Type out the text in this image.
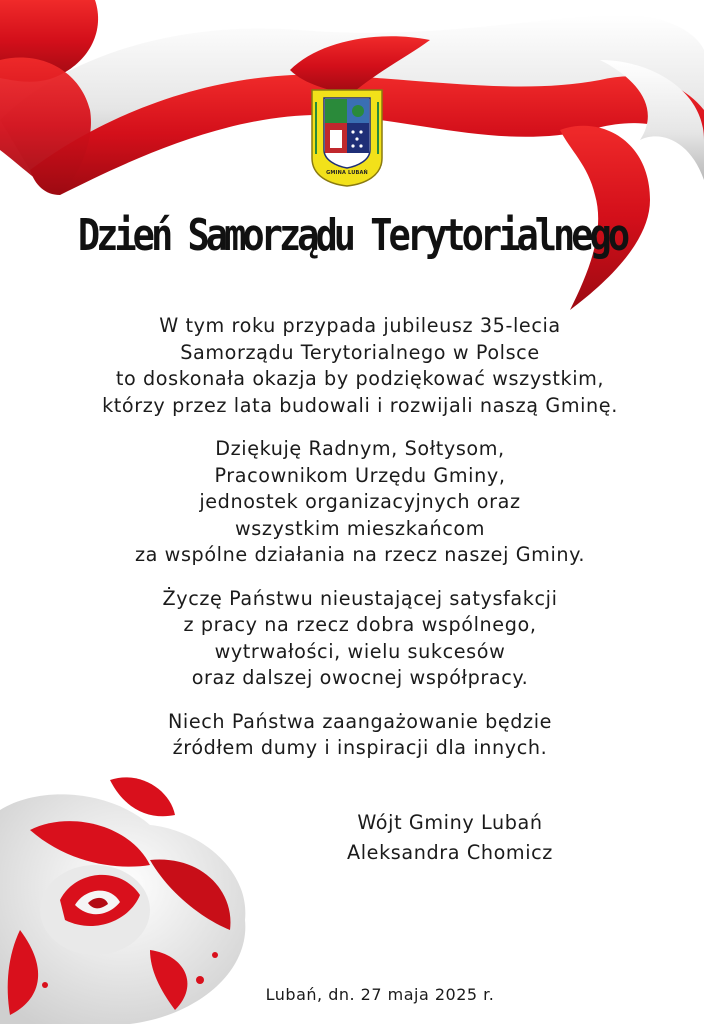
GMINA LUBAŃ
Dzień Samorządu Terytorialnego
W tym roku przypada jubileusz 35-lecia
Samorządu Terytorialnego w Polsce
to doskonała okazja by podziękować wszystkim,
którzy przez lata budowali i rozwijali naszą Gminę.
Dziękuję Radnym, Sołtysom,
Pracownikom Urzędu Gminy,
jednostek organizacyjnych oraz
wszystkim mieszkańcom
za wspólne działania na rzecz naszej Gminy.
Życzę Państwu nieustającej satysfakcji
z pracy na rzecz dobra wspólnego,
wytrwałości, wielu sukcesów
oraz dalszej owocnej współpracy.
Niech Państwa zaangażowanie będzie
źródłem dumy i inspiracji dla innych.
Wójt Gminy Lubań
Aleksandra Chomicz
Lubań, dn. 27 maja 2025 r.
